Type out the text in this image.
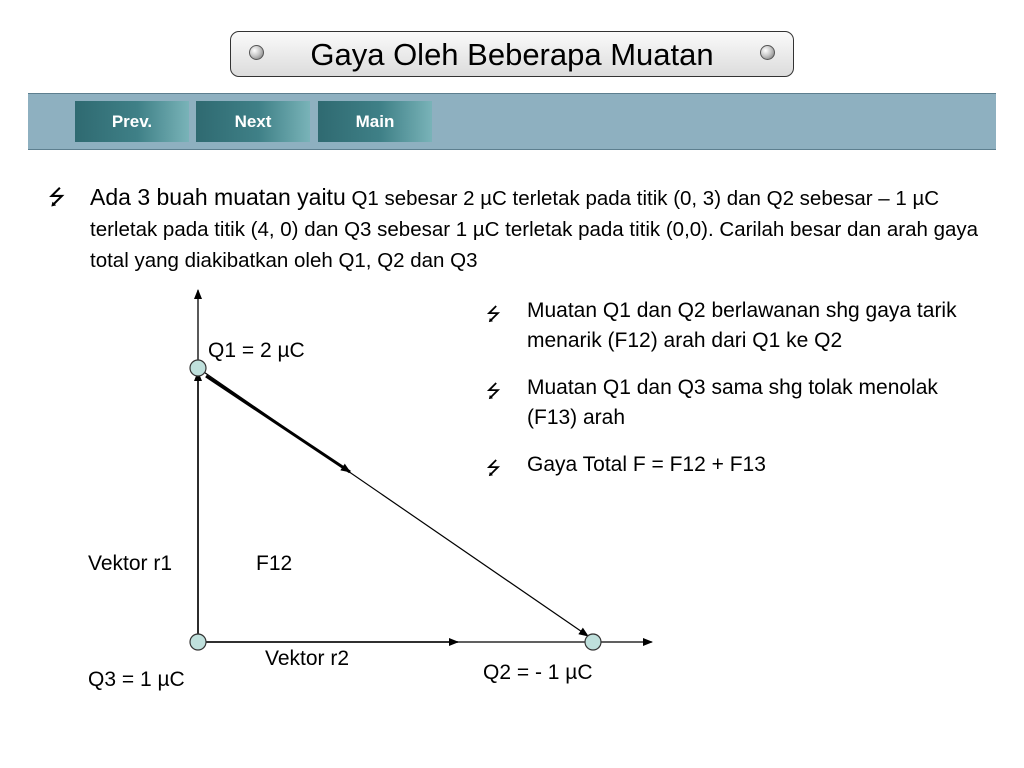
Gaya Oleh Beberapa Muatan
Prev.	Next	Main
⭍ Ada 3 buah muatan yaitu Q1 sebesar 2 µC terletak pada titik (0, 3) dan Q2 sebesar – 1 µC terletak pada titik (4, 0) dan Q3 sebesar 1 µC terletak pada titik (0,0). Carilah besar dan arah gaya total yang diakibatkan oleh Q1, Q2 dan Q3
⭍ Muatan Q1 dan Q2 berlawanan shg gaya tarik menarik (F12) arah dari Q1 ke Q2
⭍ Muatan Q1 dan Q3 sama shg tolak menolak (F13) arah
⭍ Gaya Total F = F12 + F13
Q1 = 2 µC
Vektor r1	F12
Vektor r2
Q3 = 1 µC	Q2 = - 1 µC
